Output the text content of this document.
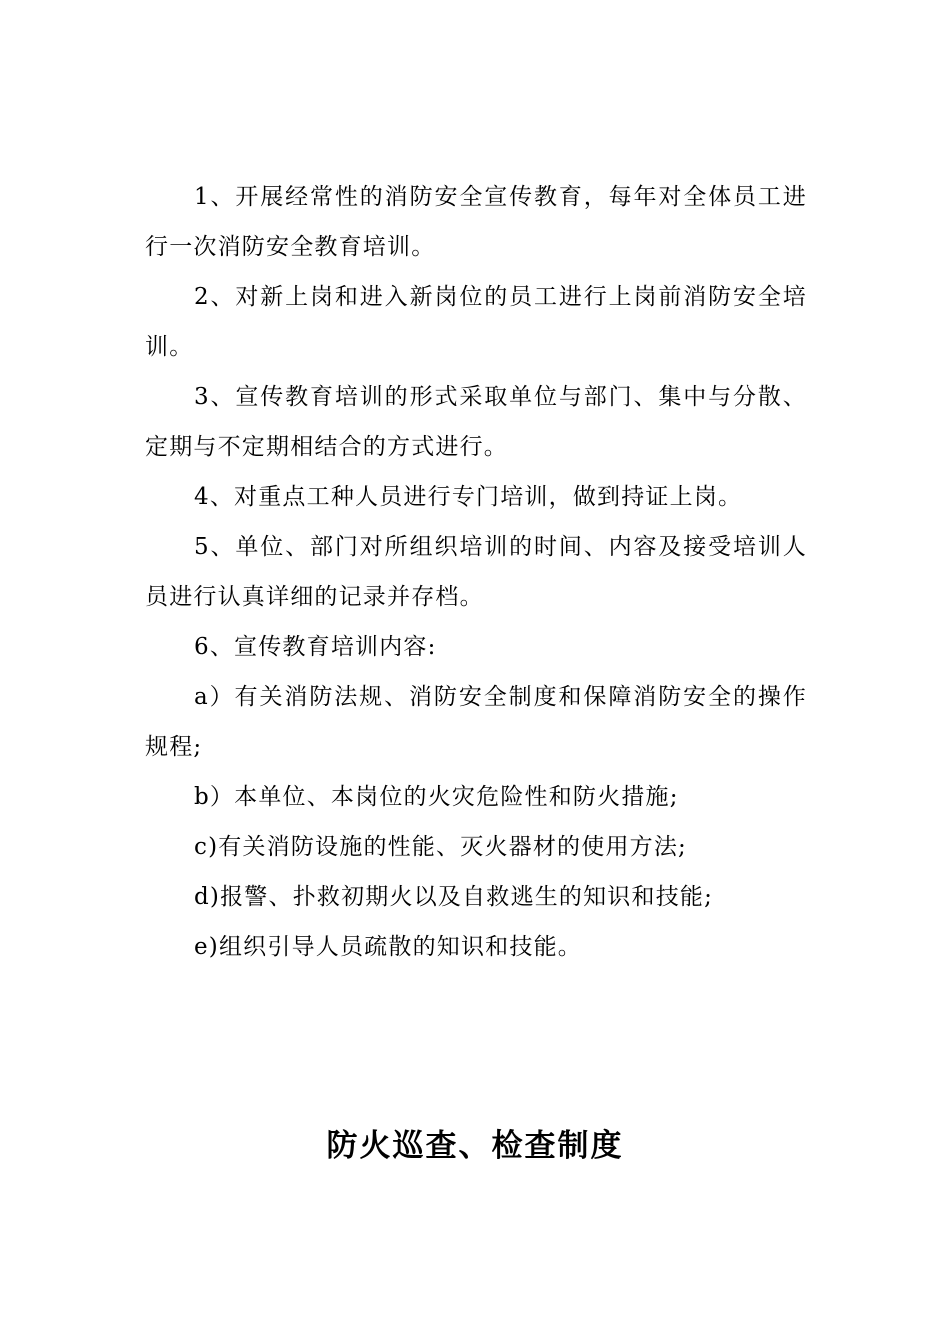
1、开展经常性的消防安全宣传教育，每年对全体员工进行一次消防安全教育培训。

2、对新上岗和进入新岗位的员工进行上岗前消防安全培训。

3、宣传教育培训的形式采取单位与部门、集中与分散、定期与不定期相结合的方式进行。

4、对重点工种人员进行专门培训，做到持证上岗。

5、单位、部门对所组织培训的时间、内容及接受培训人员进行认真详细的记录并存档。

6、宣传教育培训内容:

a）有关消防法规、消防安全制度和保障消防安全的操作规程;

b）本单位、本岗位的火灾危险性和防火措施;

c)有关消防设施的性能、灭火器材的使用方法;

d)报警、扑救初期火以及自救逃生的知识和技能;

e)组织引导人员疏散的知识和技能。

防火巡查、检查制度
